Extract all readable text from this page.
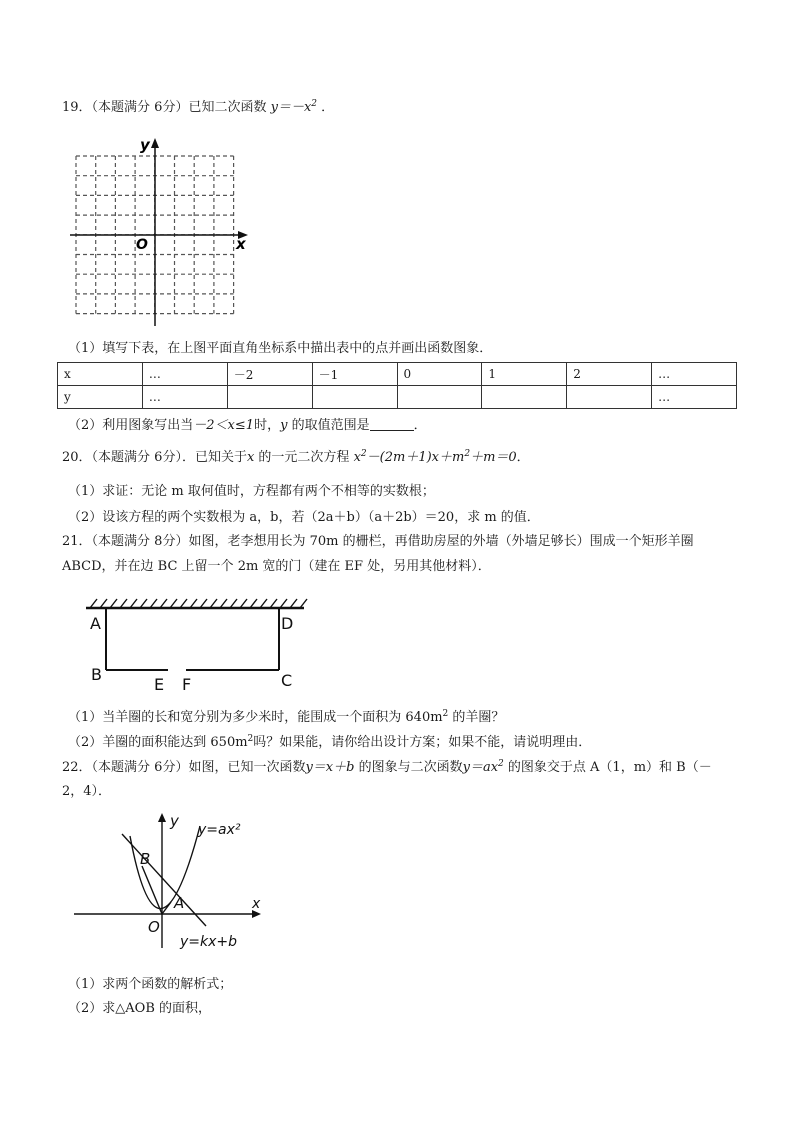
19．（本题满分 6分）已知二次函数 $y=-x^2$ ．
y
x
O
（1）填写下表，在上图平面直角坐标系中描出表中的点并画出函数图象．
x	…	－2	－1	0	1	2	…
y	…						…
（2）利用图象写出当－2＜x≤1时，y 的取值范围是	．
20．（本题满分 6分）．已知关于x 的一元二次方程 $x^2-(2m+1)x+m^2+m=0$．
（1）求证：无论 m 取何值时，方程都有两个不相等的实数根；
（2）设该方程的两个实数根为 a，b，若（2a＋b）（a＋2b）＝20，求 m 的值．
21．（本题满分 8分）如图，老李想用长为 70m 的栅栏，再借助房屋的外墙（外墙足够长）围成一个矩形羊圈
ABCD，并在边 BC 上留一个 2m 宽的门（建在 EF 处，另用其他材料）．
A	D
B	C
E F
（1）当羊圈的长和宽分别为多少米时，能围成一个面积为 $640m^2$ 的羊圈？
（2）羊圈的面积能达到 $650m^2$吗？如果能，请你给出设计方案；如果不能，请说明理由．
22．（本题满分 6分）如图，已知一次函数y＝x＋b 的图象与二次函数$y=ax^2$ 的图象交于点 A（1，m）和 B（－
2，4）．
y
x
O
B
A
y=ax²
y=kx+b
（1）求两个函数的解析式；
（2）求△AOB 的面积，
